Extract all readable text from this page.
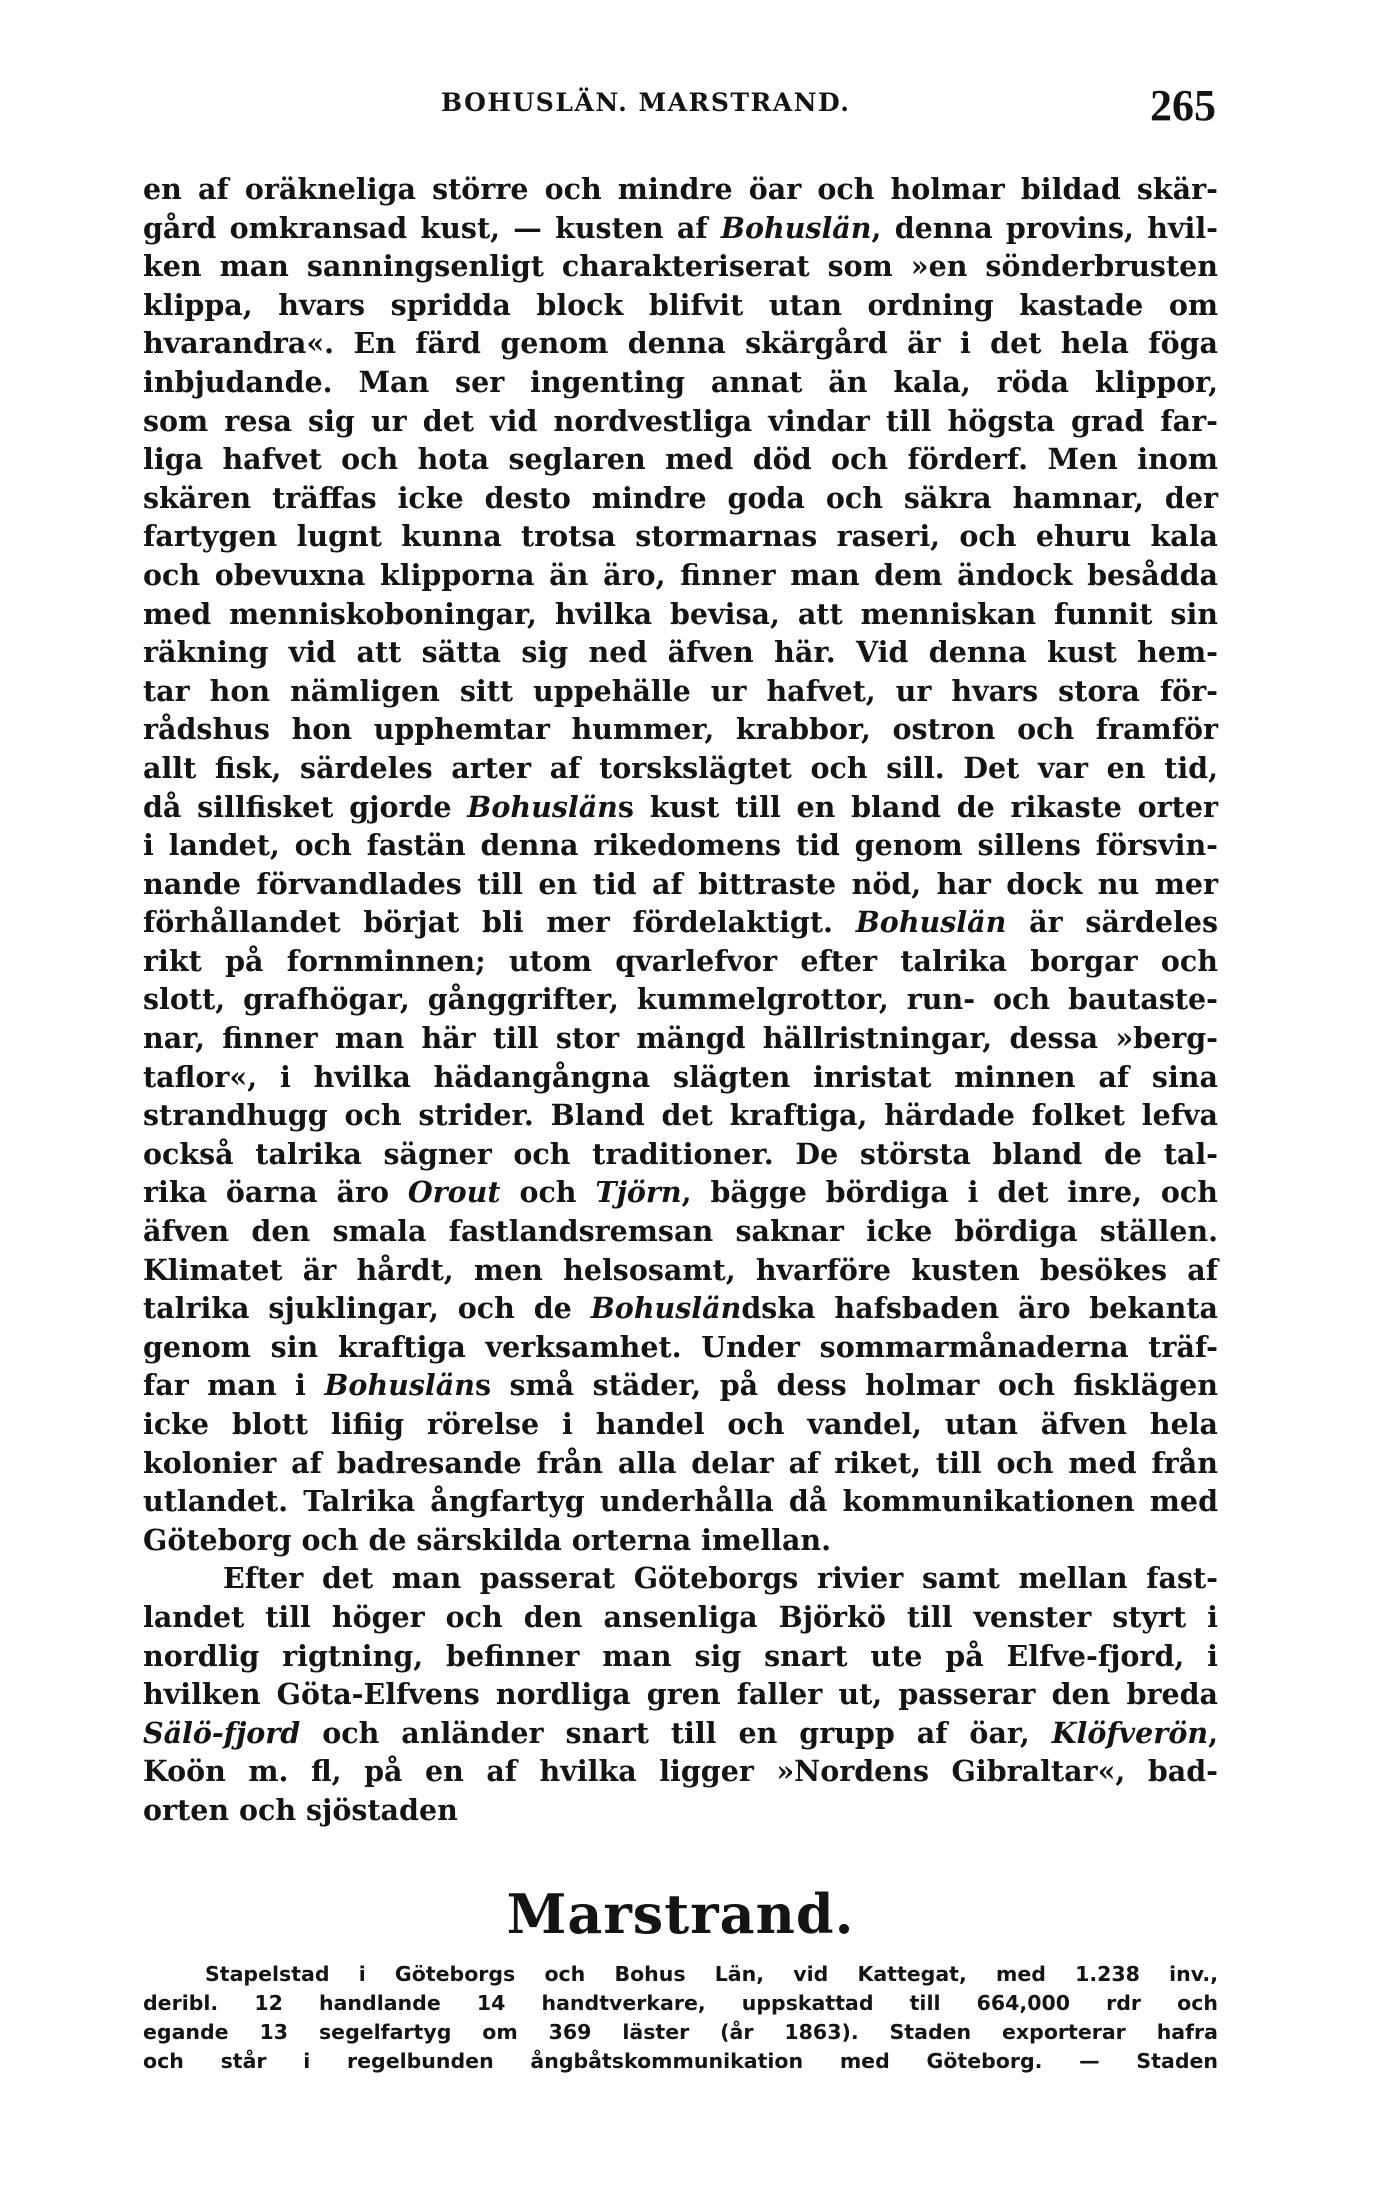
BOHUSLÄN. MARSTRAND.	265
en af oräkneliga större och mindre öar och holmar bildad skär-
gård omkransad kust, — kusten af Bohuslän, denna provins, hvil-
ken man sanningsenligt charakteriserat som »en sönderbrusten
klippa, hvars spridda block blifvit utan ordning kastade om
hvarandra«. En färd genom denna skärgård är i det hela föga
inbjudande. Man ser ingenting annat än kala, röda klippor,
som resa sig ur det vid nordvestliga vindar till högsta grad far-
liga hafvet och hota seglaren med död och förderf. Men inom
skären träffas icke desto mindre goda och säkra hamnar, der
fartygen lugnt kunna trotsa stormarnas raseri, och ehuru kala
och obevuxna klipporna än äro, finner man dem ändock besådda
med menniskoboningar, hvilka bevisa, att menniskan funnit sin
räkning vid att sätta sig ned äfven här. Vid denna kust hem-
tar hon nämligen sitt uppehälle ur hafvet, ur hvars stora för-
rådshus hon upphemtar hummer, krabbor, ostron och framför
allt fisk, särdeles arter af torskslägtet och sill. Det var en tid,
då sillfisket gjorde Bohusläns kust till en bland de rikaste orter
i landet, och fastän denna rikedomens tid genom sillens försvin-
nande förvandlades till en tid af bittraste nöd, har dock nu mer
förhållandet börjat bli mer fördelaktigt. Bohuslän är särdeles
rikt på fornminnen; utom qvarlefvor efter talrika borgar och
slott, grafhögar, gånggrifter, kummelgrottor, run- och bautaste-
nar, finner man här till stor mängd hällristningar, dessa »berg-
taflor«, i hvilka hädangångna slägten inristat minnen af sina
strandhugg och strider. Bland det kraftiga, härdade folket lefva
också talrika sägner och traditioner. De största bland de tal-
rika öarna äro Orout och Tjörn, bägge bördiga i det inre, och
äfven den smala fastlandsremsan saknar icke bördiga ställen.
Klimatet är hårdt, men helsosamt, hvarföre kusten besökes af
talrika sjuklingar, och de Bohusländska hafsbaden äro bekanta
genom sin kraftiga verksamhet. Under sommarmånaderna träf-
far man i Bohusläns små städer, på dess holmar och fisklägen
icke blott lifiig rörelse i handel och vandel, utan äfven hela
kolonier af badresande från alla delar af riket, till och med från
utlandet. Talrika ångfartyg underhålla då kommunikationen med
Göteborg och de särskilda orterna imellan.
Efter det man passerat Göteborgs rivier samt mellan fast-
landet till höger och den ansenliga Björkö till venster styrt i
nordlig rigtning, befinner man sig snart ute på Elfve-fjord, i
hvilken Göta-Elfvens nordliga gren faller ut, passerar den breda
Sälö-fjord och anländer snart till en grupp af öar, Klöfverön,
Koön m. fl, på en af hvilka ligger »Nordens Gibraltar«, bad-
orten och sjöstaden
Marstrand.
Stapelstad i Göteborgs och Bohus Län, vid Kattegat, med 1.238 inv.,
deribl. 12 handlande 14 handtverkare, uppskattad till 664,000 rdr och
egande 13 segelfartyg om 369 läster (år 1863). Staden exporterar hafra
och står i regelbunden ångbåtskommunikation med Göteborg. — Staden
